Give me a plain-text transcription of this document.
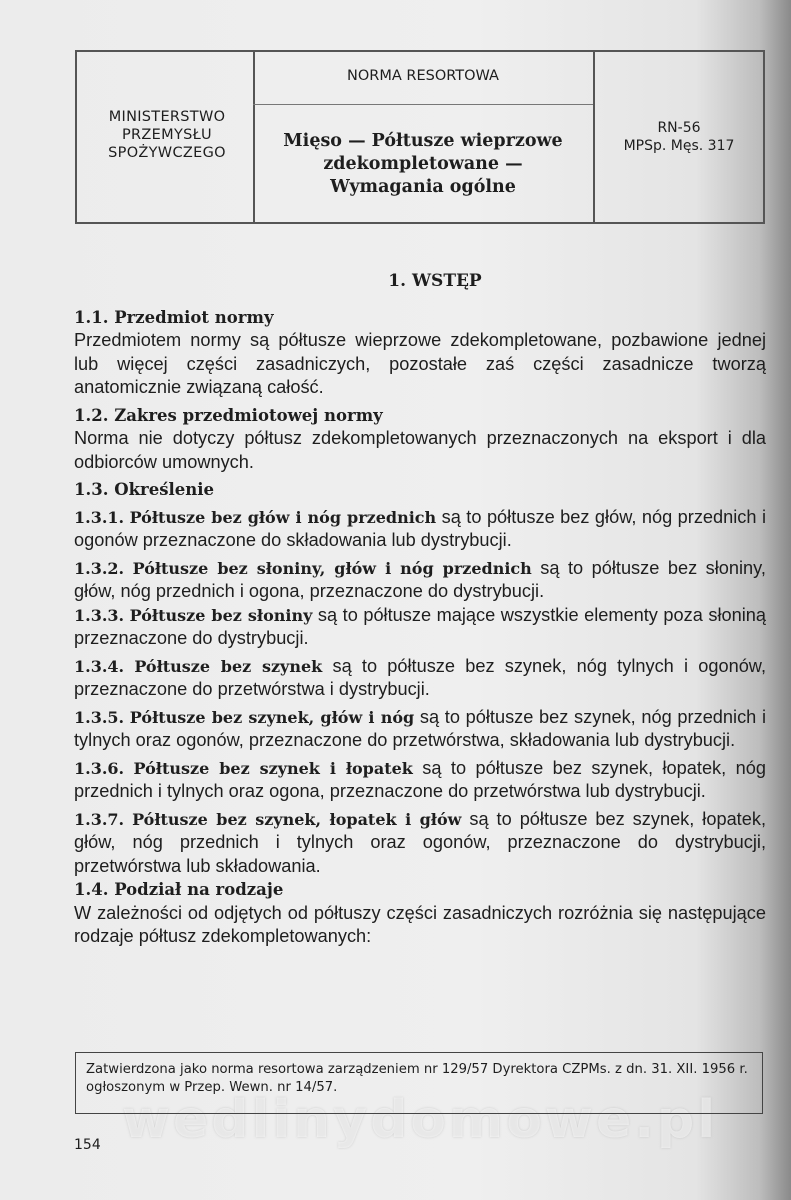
MINISTERSTWO
PRZEMYSŁU
SPOŻYWCZEGO
NORMA RESORTOWA
Mięso — Półtusze wieprzowe
zdekompletowane —
Wymagania ogólne
RN-56
MPSp. Męs. 317
1. WSTĘP

1.1. Przedmiot normy

Przedmiotem normy są półtusze wieprzowe zdekompletowane, pozbawione jednej lub więcej części zasadniczych, pozostałe zaś części zasadnicze tworzą anatomicznie związaną całość.

1.2. Zakres przedmiotowej normy

Norma nie dotyczy półtusz zdekompletowanych przeznaczonych na eksport i dla odbiorców umownych.

1.3. Określenie

1.3.1. Półtusze bez głów i nóg przednich są to półtusze bez głów, nóg przednich i ogonów przeznaczone do składowania lub dystrybucji.

1.3.2. Półtusze bez słoniny, głów i nóg przednich są to półtusze bez słoniny, głów, nóg przednich i ogona, przeznaczone do dystrybucji.

1.3.3. Półtusze bez słoniny są to półtusze mające wszystkie elementy poza słoniną przeznaczone do dystrybucji.

1.3.4. Półtusze bez szynek są to półtusze bez szynek, nóg tylnych i ogonów, przeznaczone do przetwórstwa i dystrybucji.

1.3.5. Półtusze bez szynek, głów i nóg są to półtusze bez szynek, nóg przednich i tylnych oraz ogonów, przeznaczone do przetwórstwa, składowania lub dystrybucji.

1.3.6. Półtusze bez szynek i łopatek są to półtusze bez szynek, łopatek, nóg przednich i tylnych oraz ogona, przeznaczone do przetwórstwa lub dystrybucji.

1.3.7. Półtusze bez szynek, łopatek i głów są to półtusze bez szynek, łopatek, głów, nóg przednich i tylnych oraz ogonów, przeznaczone do dystrybucji, przetwórstwa lub składowania.

1.4. Podział na rodzaje

W zależności od odjętych od półtuszy części zasadniczych rozróżnia się następujące rodzaje półtusz zdekompletowanych:

wedlinydomowe.pl
Zatwierdzona jako norma resortowa zarządzeniem nr 129/57 Dyrektora CZPMs. z dn. 31. XII. 1956 r. ogłoszonym w Przep. Wewn. nr 14/57.
154
